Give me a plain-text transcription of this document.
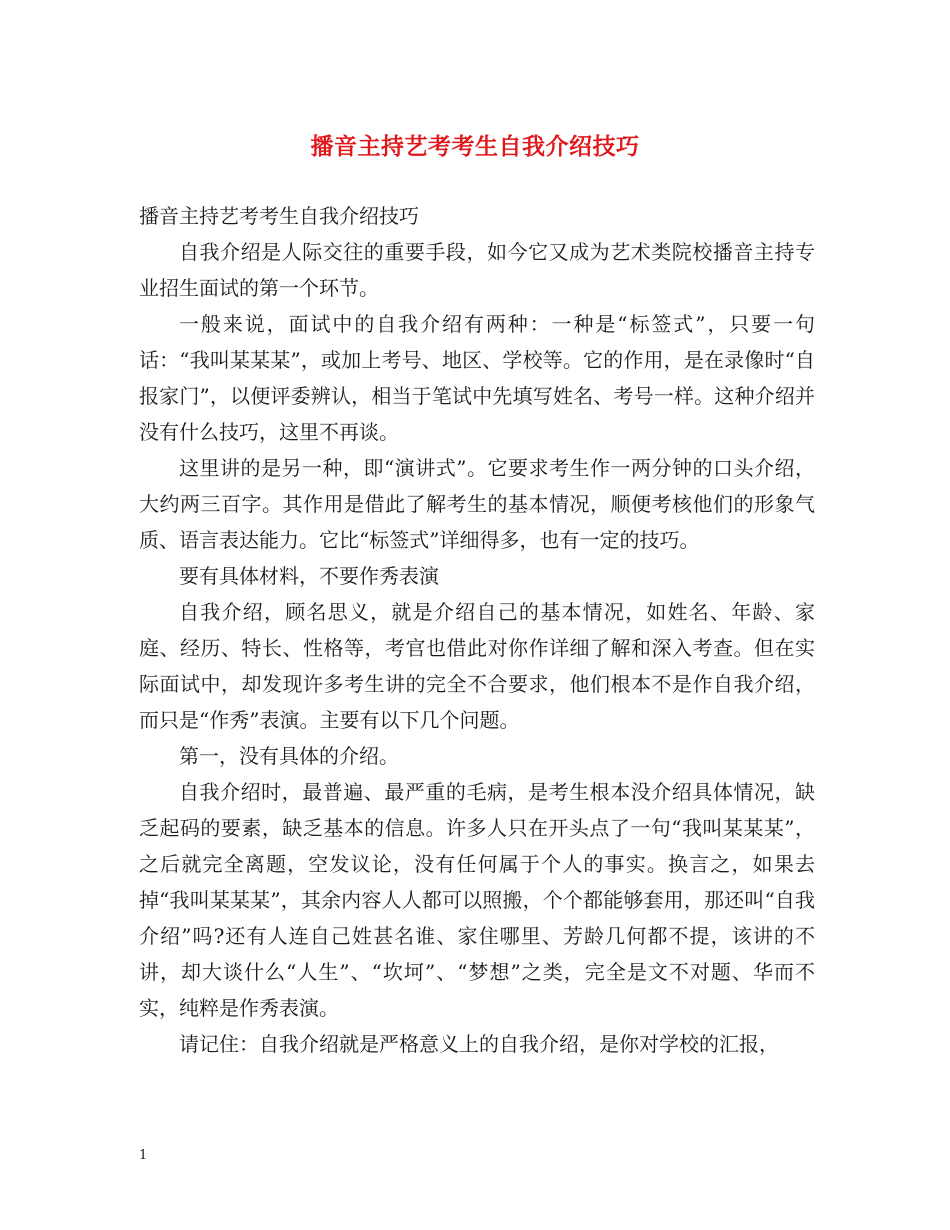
播音主持艺考考生自我介绍技巧

播音主持艺考考生自我介绍技巧

自我介绍是人际交往的重要手段，如今它又成为艺术类院校播音主持专业招生面试的第一个环节。

一般来说，面试中的自我介绍有两种：一种是“标签式”，只要一句话：“我叫某某某”，或加上考号、地区、学校等。它的作用，是在录像时“自报家门”，以便评委辨认，相当于笔试中先填写姓名、考号一样。这种介绍并没有什么技巧，这里不再谈。

这里讲的是另一种，即“演讲式”。它要求考生作一两分钟的口头介绍，大约两三百字。其作用是借此了解考生的基本情况，顺便考核他们的形象气质、语言表达能力。它比“标签式”详细得多，也有一定的技巧。

要有具体材料，不要作秀表演

自我介绍，顾名思义，就是介绍自己的基本情况，如姓名、年龄、家庭、经历、特长、性格等，考官也借此对你作详细了解和深入考查。但在实际面试中，却发现许多考生讲的完全不合要求，他们根本不是作自我介绍，而只是“作秀”表演。主要有以下几个问题。

第一，没有具体的介绍。

自我介绍时，最普遍、最严重的毛病，是考生根本没介绍具体情况，缺乏起码的要素，缺乏基本的信息。许多人只在开头点了一句“我叫某某某”，之后就完全离题，空发议论，没有任何属于个人的事实。换言之，如果去掉“我叫某某某”，其余内容人人都可以照搬，个个都能够套用，那还叫“自我介绍”吗?还有人连自己姓甚名谁、家住哪里、芳龄几何都不提，该讲的不讲，却大谈什么“人生”、“坎坷”、“梦想”之类，完全是文不对题、华而不实，纯粹是作秀表演。

请记住：自我介绍就是严格意义上的自我介绍，是你对学校的汇报，

1
